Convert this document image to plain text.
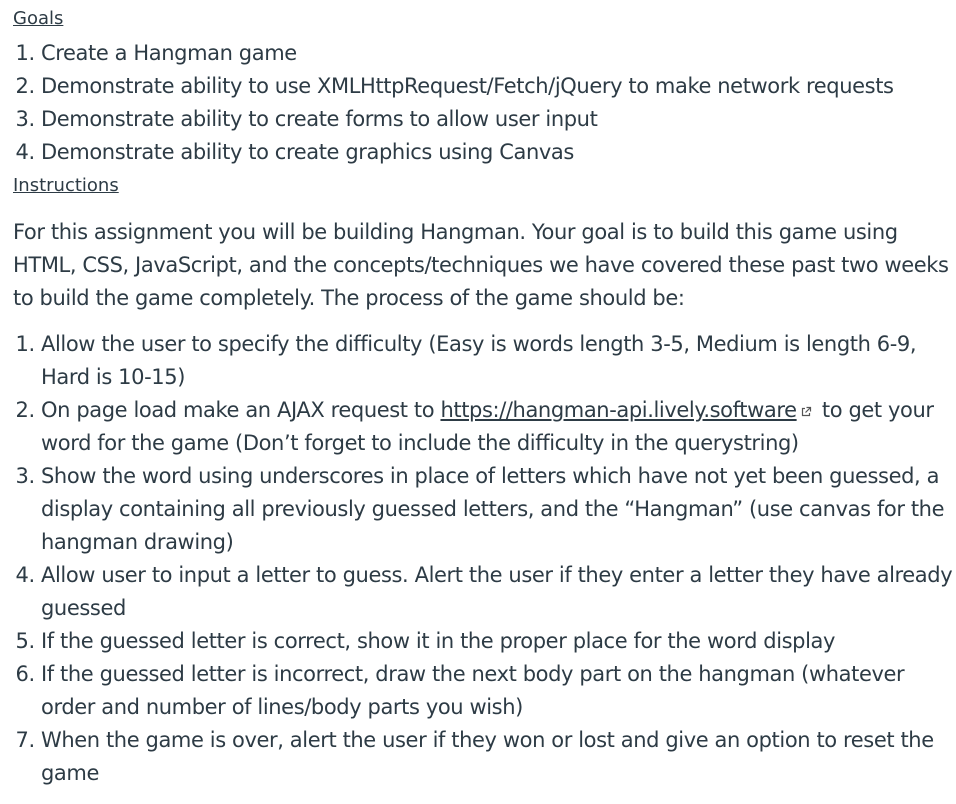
Goals
1. Create a Hangman game
2. Demonstrate ability to use XMLHttpRequest/Fetch/jQuery to make network requests
3. Demonstrate ability to create forms to allow user input
4. Demonstrate ability to create graphics using Canvas
Instructions

For this assignment you will be building Hangman. Your goal is to build this game using HTML, CSS, JavaScript, and the concepts/techniques we have covered these past two weeks to build the game completely. The process of the game should be:

1. Allow the user to specify the difficulty (Easy is words length 3-5, Medium is length 6-9, Hard is 10-15)
2. On page load make an AJAX request to https://hangman-api.lively.software to get your word for the game (Don’t forget to include the difficulty in the querystring)
3. Show the word using underscores in place of letters which have not yet been guessed, a display containing all previously guessed letters, and the “Hangman” (use canvas for the hangman drawing)
4. Allow user to input a letter to guess. Alert the user if they enter a letter they have already guessed
5. If the guessed letter is correct, show it in the proper place for the word display
6. If the guessed letter is incorrect, draw the next body part on the hangman (whatever order and number of lines/body parts you wish)
7. When the game is over, alert the user if they won or lost and give an option to reset the game
